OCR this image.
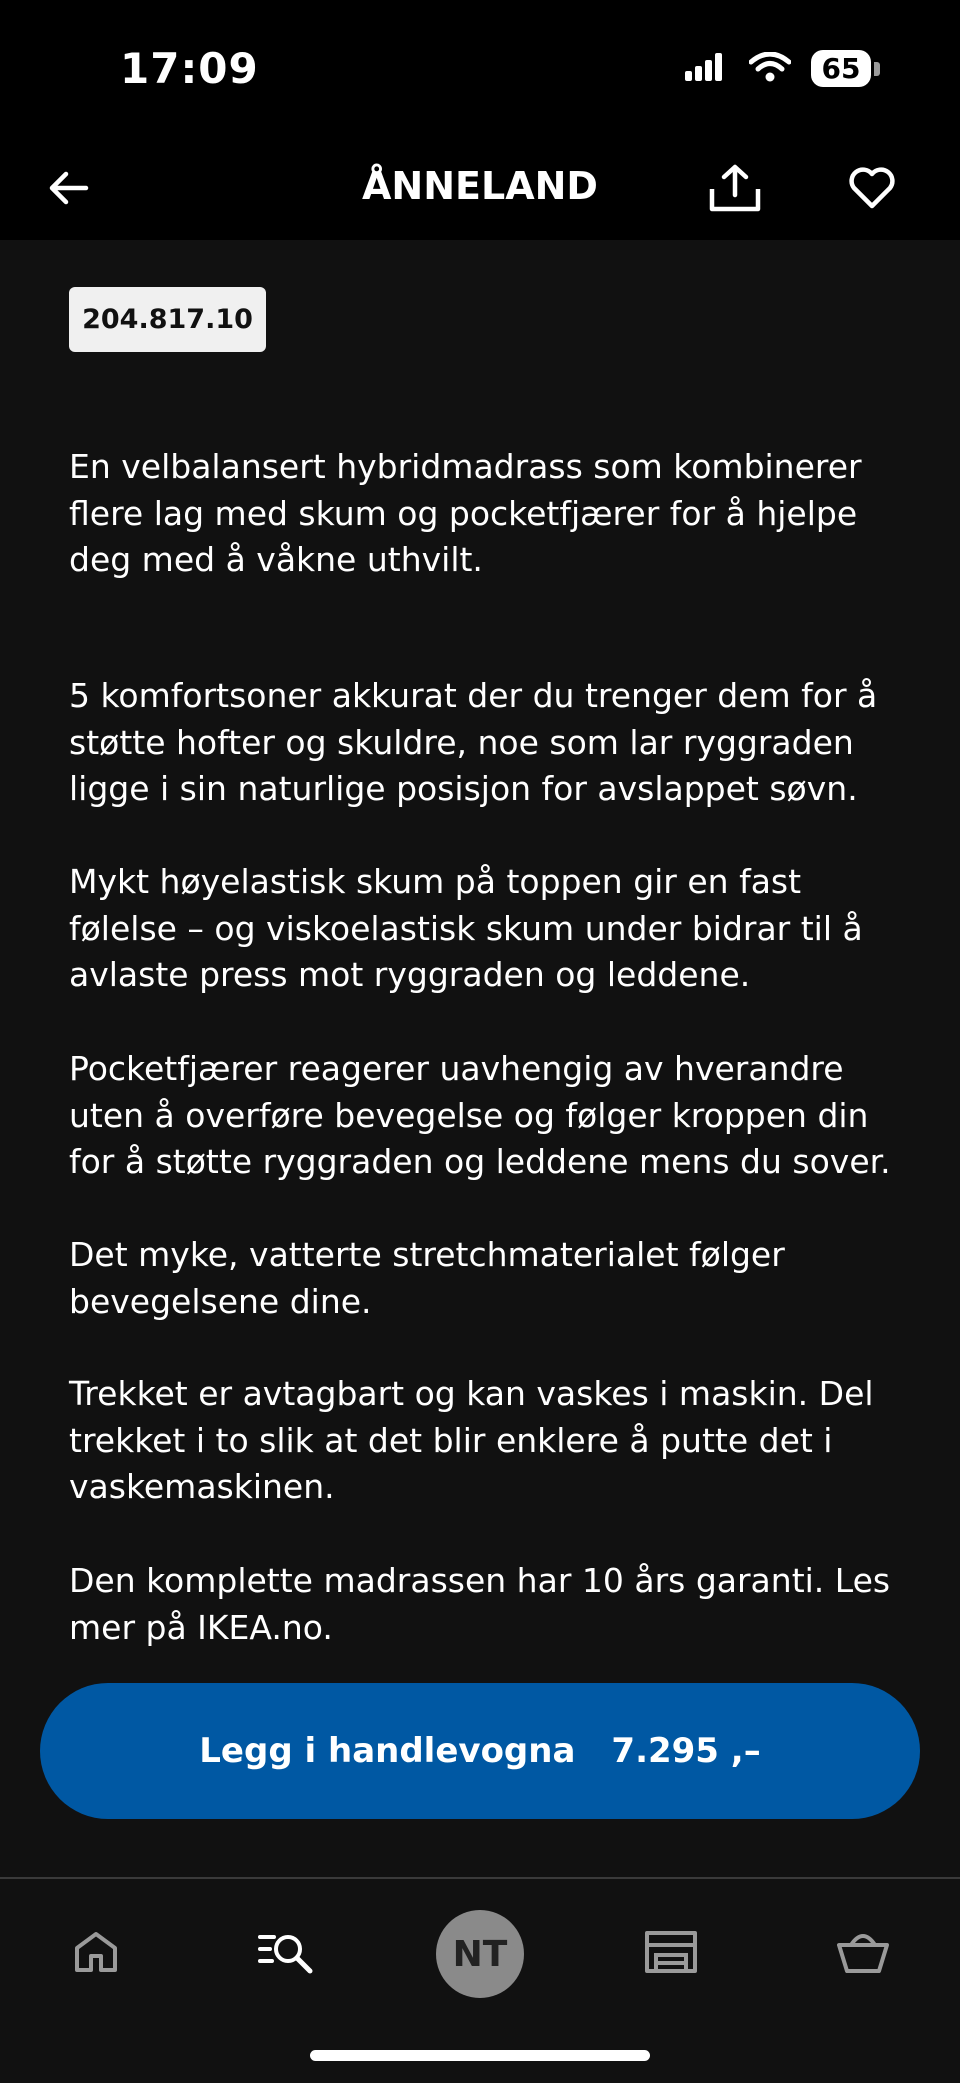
17:09	65
ÅNNELAND
204.817.10

En velbalansert hybridmadrass som kombinerer flere lag med skum og pocketfjærer for å hjelpe deg med å våkne uthvilt.

5 komfortsoner akkurat der du trenger dem for å støtte hofter og skuldre, noe som lar ryggraden ligge i sin naturlige posisjon for avslappet søvn.

Mykt høyelastisk skum på toppen gir en fast følelse – og viskoelastisk skum under bidrar til å avlaste press mot ryggraden og leddene.

Pocketfjærer reagerer uavhengig av hverandre uten å overføre bevegelse og følger kroppen din for å støtte ryggraden og leddene mens du sover.

Det myke, vatterte stretchmaterialet følger bevegelsene dine.

Trekket er avtagbart og kan vaskes i maskin. Del trekket i to slik at det blir enklere å putte det i vaskemaskinen.

Den komplette madrassen har 10 års garanti. Les mer på IKEA.no.

Legg i handlevogna 7.295 ,–
NT
